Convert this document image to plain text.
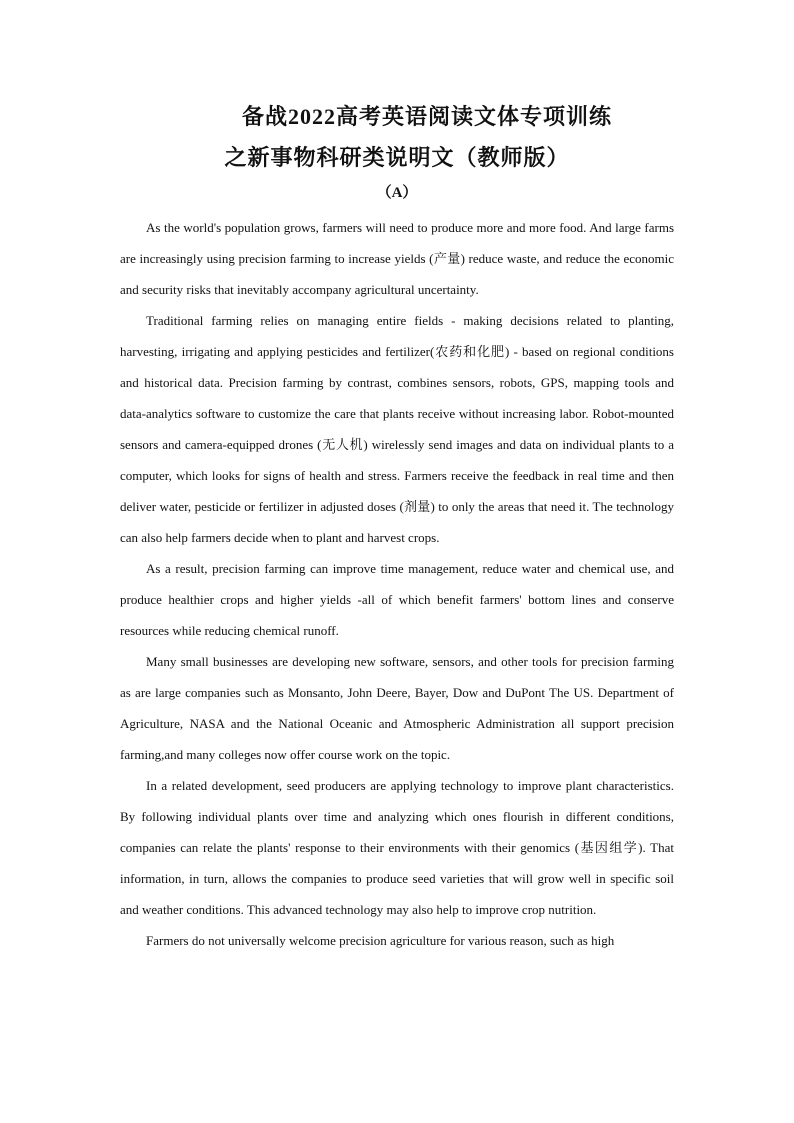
备战2022高考英语阅读文体专项训练
之新事物科研类说明文（教师版）
（A）

As the world's population grows, farmers will need to produce more and more food. And large farms are increasingly using precision farming to increase yields (产量) reduce waste, and reduce the economic and security risks that inevitably accompany agricultural uncertainty.

Traditional farming relies on managing entire fields - making decisions related to planting, harvesting, irrigating and applying pesticides and fertilizer(农药和化肥) - based on regional conditions and historical data. Precision farming by contrast, combines sensors, robots, GPS, mapping tools and data-analytics software to customize the care that plants receive without increasing labor. Robot-mounted sensors and camera-equipped drones (无人机) wirelessly send images and data on individual plants to a computer, which looks for signs of health and stress. Farmers receive the feedback in real time and then deliver water, pesticide or fertilizer in adjusted doses (剂量) to only the areas that need it. The technology can also help farmers decide when to plant and harvest crops.

As a result, precision farming can improve time management, reduce water and chemical use, and produce healthier crops and higher yields -all of which benefit farmers' bottom lines and conserve resources while reducing chemical runoff.

Many small businesses are developing new software, sensors, and other tools for precision farming as are large companies such as Monsanto, John Deere, Bayer, Dow and DuPont The US. Department of Agriculture, NASA and the National Oceanic and Atmospheric Administration all support precision farming,and many colleges now offer course work on the topic.

In a related development, seed producers are applying technology to improve plant characteristics. By following individual plants over time and analyzing which ones flourish in different conditions, companies can relate the plants' response to their environments with their genomics (基因组学). That information, in turn, allows the companies to produce seed varieties that will grow well in specific soil and weather conditions. This advanced technology may also help to improve crop nutrition.

Farmers do not universally welcome precision agriculture for various reason, such as high
